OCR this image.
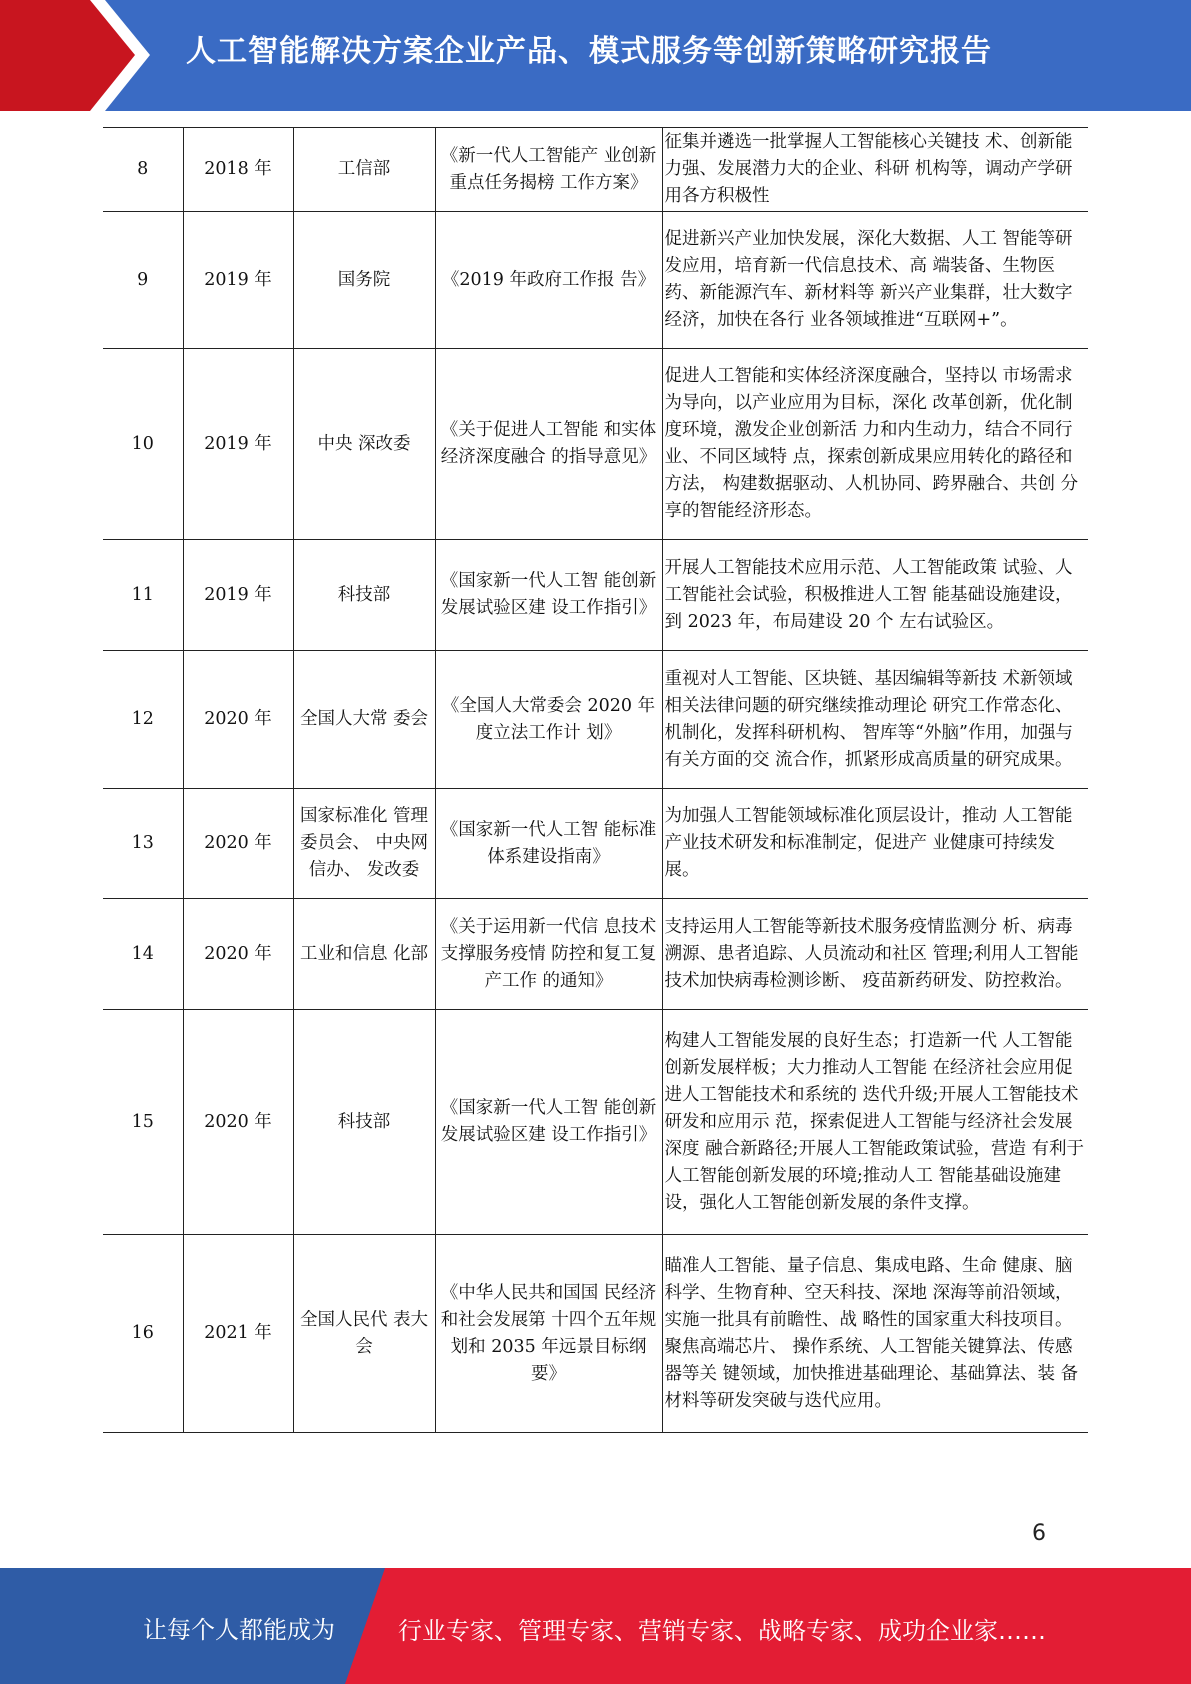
人工智能解决方案企业产品、模式服务等创新策略研究报告
8	2018 年	工信部	《新一代人工智能产 业创新重点任务揭榜 工作方案》	征集并遴选一批掌握人工智能核心关键技 术、创新能力强、发展潜力大的企业、科研 机构等，调动产学研用各方积极性
9	2019 年	国务院	《2019 年政府工作报 告》	促进新兴产业加快发展，深化大数据、人工 智能等研发应用，培育新一代信息技术、高 端装备、生物医药、新能源汽车、新材料等 新兴产业集群，壮大数字经济，加快在各行 业各领域推进“互联网+”。
10	2019 年	中央 深改委	《关于促进人工智能 和实体经济深度融合 的指导意见》	促进人工智能和实体经济深度融合，坚持以 市场需求为导向，以产业应用为目标，深化 改革创新，优化制度环境，激发企业创新活 力和内生动力，结合不同行业、不同区域特 点，探索创新成果应用转化的路径和方法， 构建数据驱动、人机协同、跨界融合、共创 分享的智能经济形态。
11	2019 年	科技部	《国家新一代人工智 能创新发展试验区建 设工作指引》	开展人工智能技术应用示范、人工智能政策 试验、人工智能社会试验，积极推进人工智 能基础设施建设，到 2023 年，布局建设 20 个 左右试验区。
12	2020 年	全国人大常 委会	《全国人大常委会 2020 年度立法工作计 划》	重视对人工智能、区块链、基因编辑等新技 术新领域相关法律问题的研究继续推动理论 研究工作常态化、机制化，发挥科研机构、 智库等“外脑”作用，加强与有关方面的交 流合作，抓紧形成高质量的研究成果。
13	2020 年	国家标准化 管理委员会、 中央网信办、 发改委	《国家新一代人工智 能标准体系建设指南》	为加强人工智能领域标准化顶层设计，推动 人工智能产业技术研发和标准制定，促进产 业健康可持续发展。
14	2020 年	工业和信息 化部	《关于运用新一代信 息技术支撑服务疫情 防控和复工复产工作 的通知》	支持运用人工智能等新技术服务疫情监测分 析、病毒溯源、患者追踪、人员流动和社区 管理;利用人工智能技术加快病毒检测诊断、 疫苗新药研发、防控救治。
15	2020 年	科技部	《国家新一代人工智 能创新发展试验区建 设工作指引》	构建人工智能发展的良好生态；打造新一代 人工智能创新发展样板；大力推动人工智能 在经济社会应用促进人工智能技术和系统的 迭代升级;开展人工智能技术研发和应用示 范，探索促进人工智能与经济社会发展深度 融合新路径;开展人工智能政策试验，营造 有利于人工智能创新发展的环境;推动人工 智能基础设施建设，强化人工智能创新发展的条件支撑。
16	2021 年	全国人民代 表大会	《中华人民共和国国 民经济和社会发展第 十四个五年规划和 2035 年远景目标纲要》	瞄准人工智能、量子信息、集成电路、生命 健康、脑科学、生物育种、空天科技、深地 深海等前沿领域，实施一批具有前瞻性、战 略性的国家重大科技项目。聚焦高端芯片、 操作系统、人工智能关键算法、传感器等关 键领域，加快推进基础理论、基础算法、装 备材料等研发突破与迭代应用。
6
让每个人都能成为	行业专家、管理专家、营销专家、战略专家、成功企业家……
